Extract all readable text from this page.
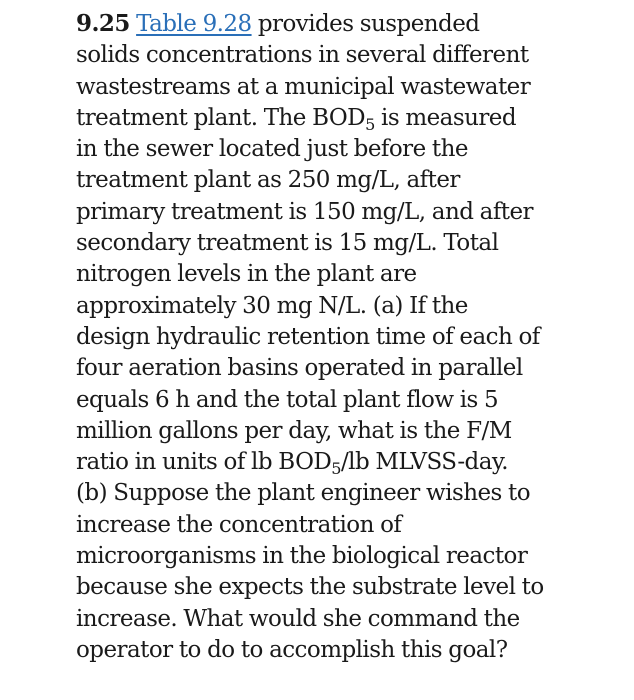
9.25 Table 9.28 provides suspended
solids concentrations in several different
wastestreams at a municipal wastewater
treatment plant. The $BOD_5$ is measured
in the sewer located just before the
treatment plant as 250 mg/L, after
primary treatment is 150 mg/L, and after
secondary treatment is 15 mg/L. Total
nitrogen levels in the plant are
approximately 30 mg N/L. (a) If the
design hydraulic retention time of each of
four aeration basins operated in parallel
equals 6 h and the total plant flow is 5
million gallons per day, what is the F/M
ratio in units of lb $BOD_5/lb$ MLVSS-day.
(b) Suppose the plant engineer wishes to
increase the concentration of
microorganisms in the biological reactor
because she expects the substrate level to
increase. What would she command the
operator to do to accomplish this goal?
